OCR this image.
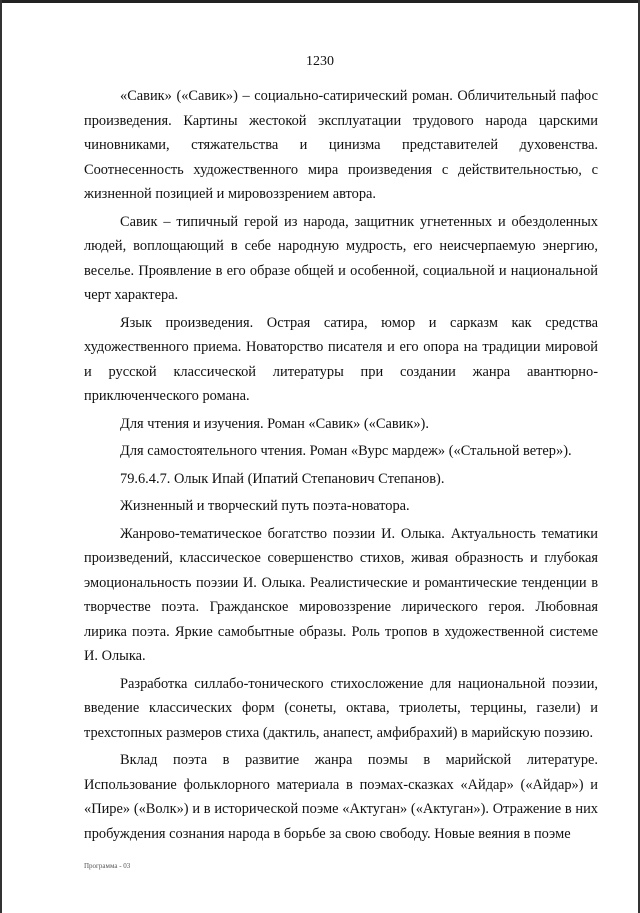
1230

«Савик» («Савик») – социально-сатирический роман. Обличительный пафос произведения. Картины жестокой эксплуатации трудового народа царскими чиновниками, стяжательства и цинизма представителей духовенства. Соотнесенность художественного мира произведения с действительностью, с жизненной позицией и мировоззрением автора.

Савик – типичный герой из народа, защитник угнетенных и обездоленных людей, воплощающий в себе народную мудрость, его неисчерпаемую энергию, веселье. Проявление в его образе общей и особенной, социальной и национальной черт характера.

Язык произведения. Острая сатира, юмор и сарказм как средства художественного приема. Новаторство писателя и его опора на традиции мировой и русской классической литературы при создании жанра авантюрно-приключенческого романа.

Для чтения и изучения. Роман «Савик» («Савик»).

Для самостоятельного чтения. Роман «Вурс мардеж» («Стальной ветер»).

79.6.4.7. Олык Ипай (Ипатий Степанович Степанов).

Жизненный и творческий путь поэта-новатора.

Жанрово-тематическое богатство поэзии И. Олыка. Актуальность тематики произведений, классическое совершенство стихов, живая образность и глубокая эмоциональность поэзии И. Олыка. Реалистические и романтические тенденции в творчестве поэта. Гражданское мировоззрение лирического героя. Любовная лирика поэта. Яркие самобытные образы. Роль тропов в художественной системе И. Олыка.

Разработка силлабо-тонического стихосложение для национальной поэзии, введение классических форм (сонеты, октава, триолеты, терцины, газели) и трехстопных размеров стиха (дактиль, анапест, амфибрахий) в марийскую поэзию.

Вклад поэта в развитие жанра поэмы в марийской литературе. Использование фольклорного материала в поэмах-сказках «Айдар» («Айдар») и «Пире» («Волк») и в исторической поэме «Актуган» («Актуган»). Отражение в них пробуждения сознания народа в борьбе за свою свободу. Новые веяния в поэме

Программа - 03
